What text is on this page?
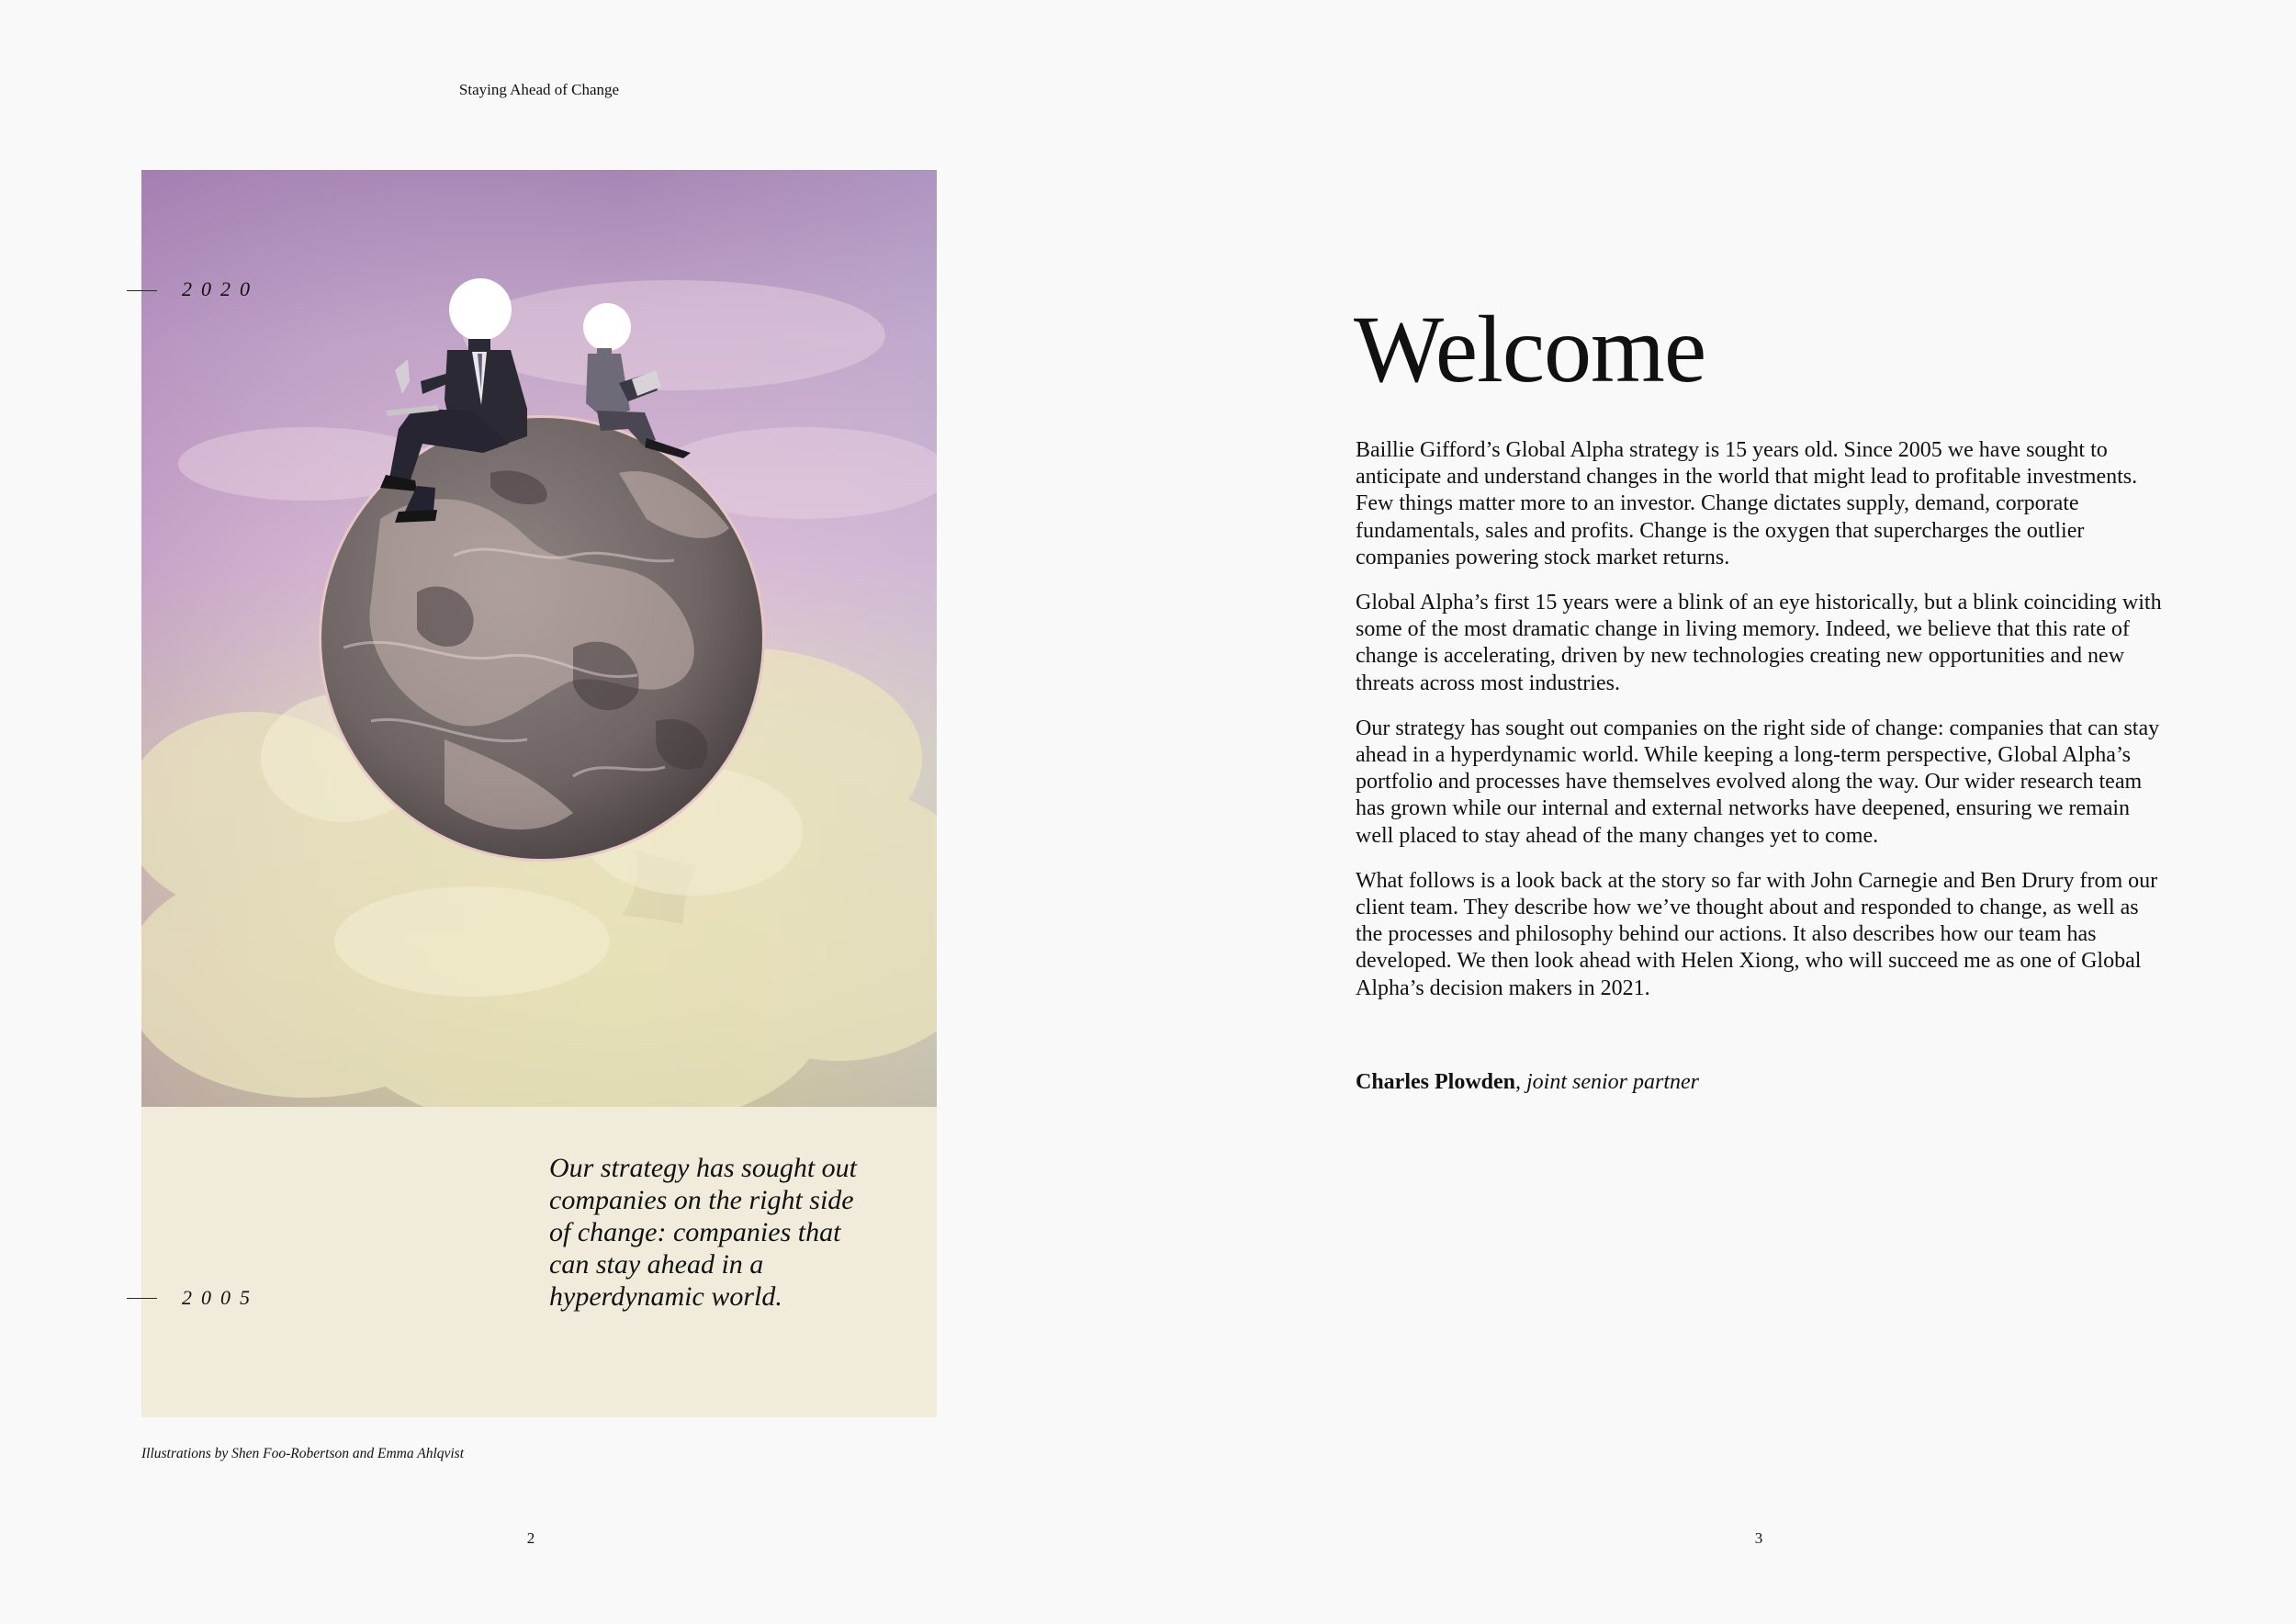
Staying Ahead of Change

Our strategy has sought out companies on the right side of change: companies that can stay ahead in a hyperdynamic world.

2020
2005
Illustrations by Shen Foo-Robertson and Emma Ahlqvist
2	3
Welcome

Baillie Gifford’s Global Alpha strategy is 15 years old. Since 2005 we have sought to anticipate and understand changes in the world that might lead to profitable investments. Few things matter more to an investor. Change dictates supply, demand, corporate fundamentals, sales and profits. Change is the oxygen that supercharges the outlier companies powering stock market returns.

Global Alpha’s first 15 years were a blink of an eye historically, but a blink coinciding with some of the most dramatic change in living memory. Indeed, we believe that this rate of change is accelerating, driven by new technologies creating new opportunities and new threats across most industries.

Our strategy has sought out companies on the right side of change: companies that can stay ahead in a hyperdynamic world. While keeping a long-term perspective, Global Alpha’s portfolio and processes have themselves evolved along the way. Our wider research team has grown while our internal and external networks have deepened, ensuring we remain well placed to stay ahead of the many changes yet to come.

What follows is a look back at the story so far with John Carnegie and Ben Drury from our client team. They describe how we’ve thought about and responded to change, as well as the processes and philosophy behind our actions. It also describes how our team has developed. We then look ahead with Helen Xiong, who will succeed me as one of Global Alpha’s decision makers in 2021.

Charles Plowden, joint senior partner
